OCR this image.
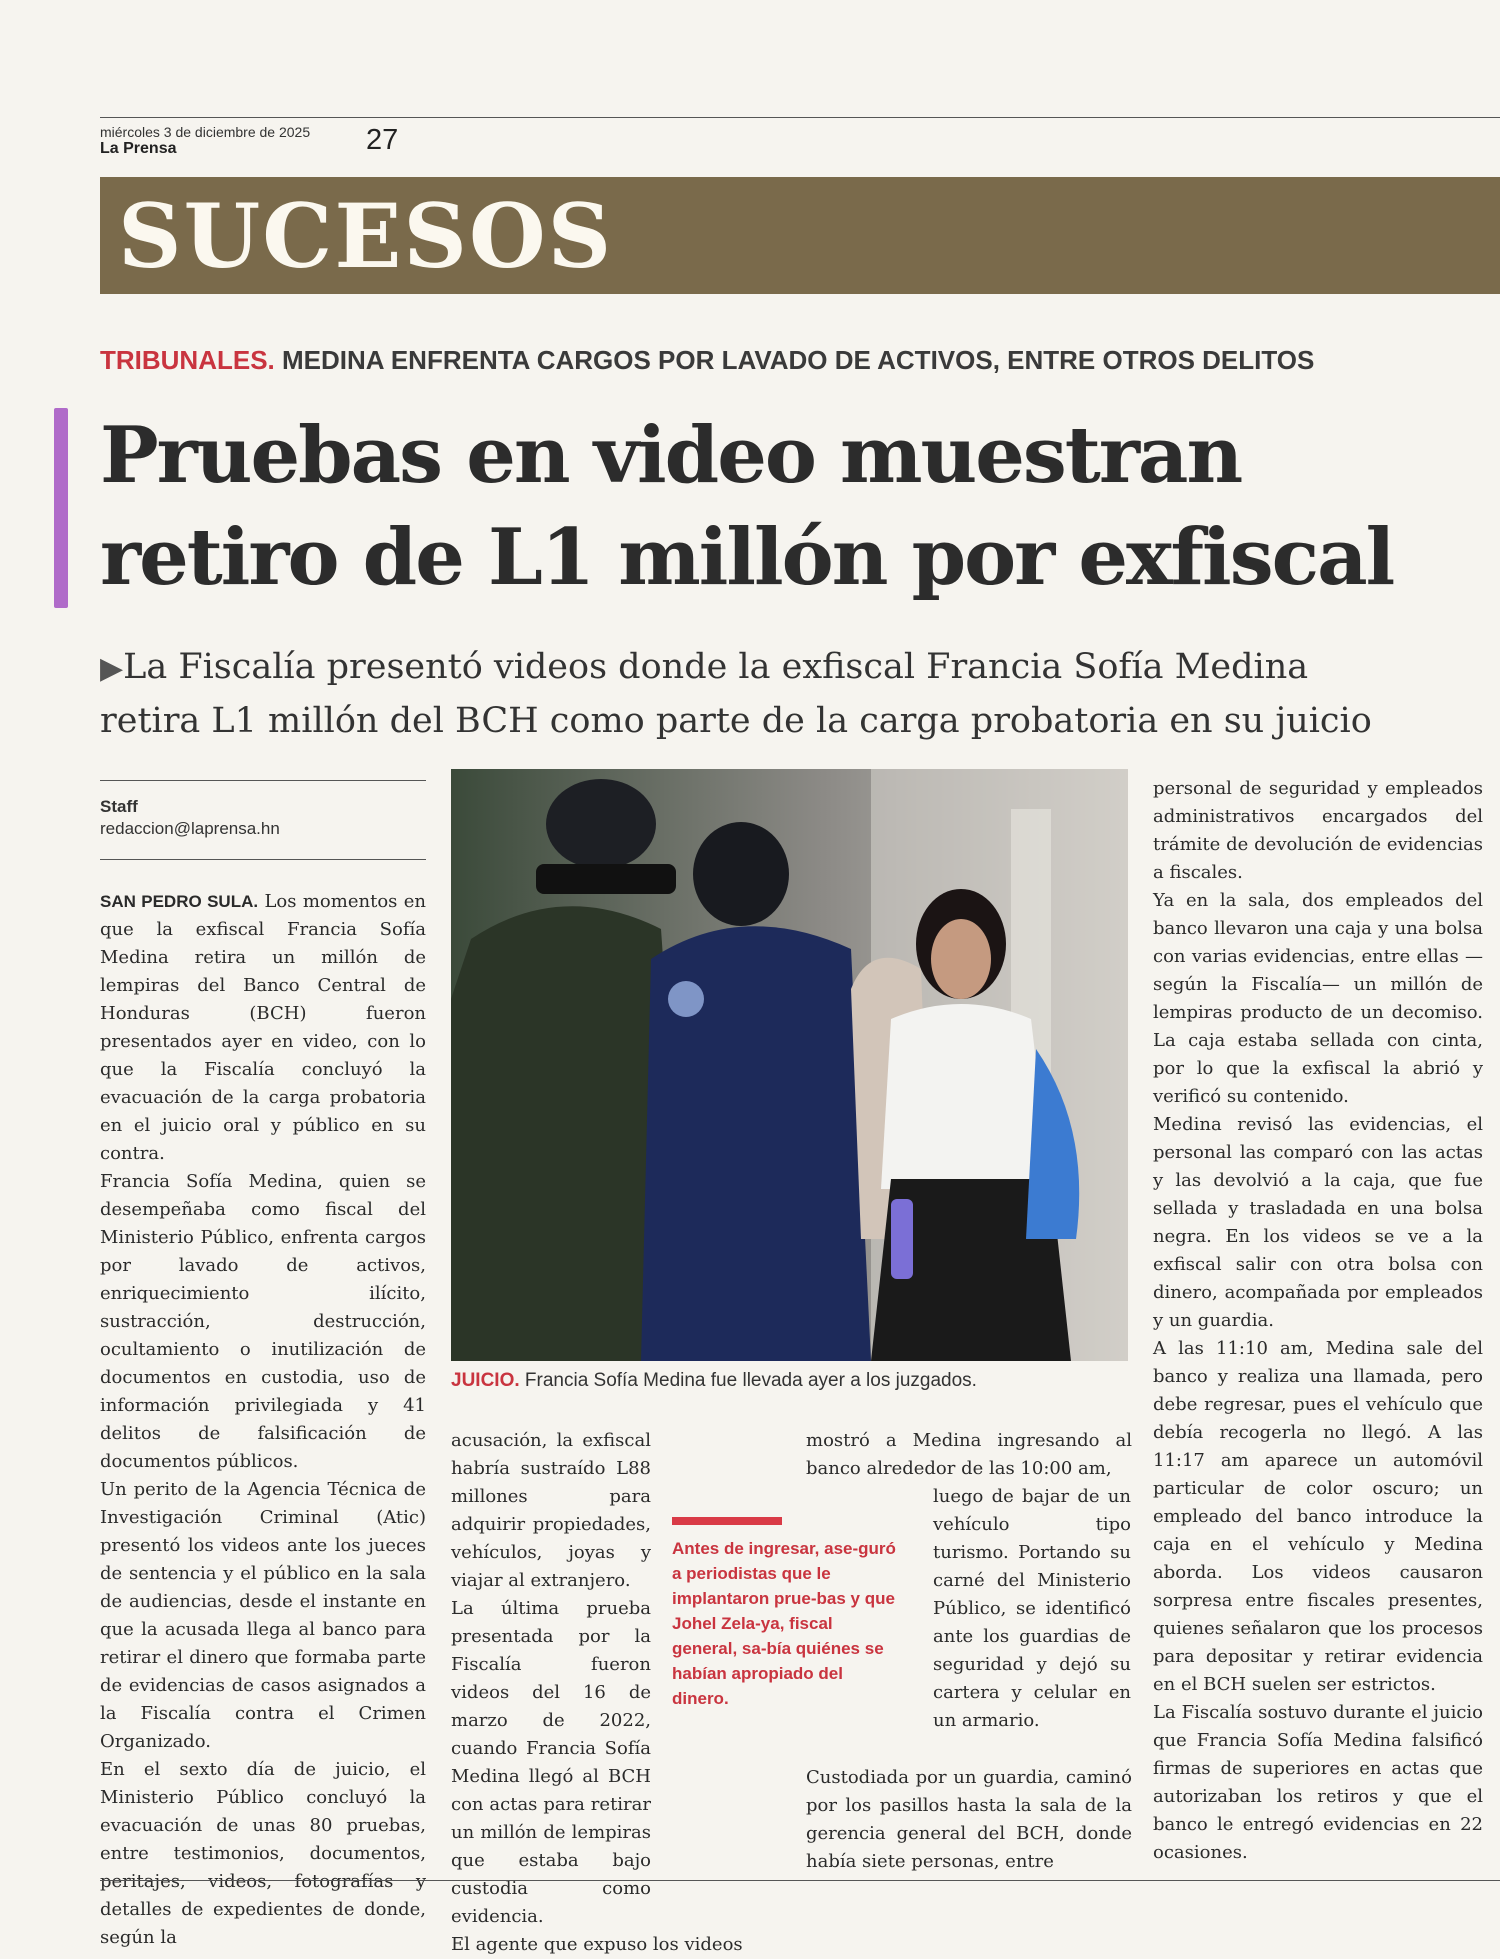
miércoles 3 de diciembre de 2025
La Prensa	27
SUCESOS
TRIBUNALES. MEDINA ENFRENTA CARGOS POR LAVADO DE ACTIVOS, ENTRE OTROS DELITOS
Pruebas en video muestran
retiro de L1 millón por exfiscal
▶La Fiscalía presentó videos donde la exfiscal Francia Sofía Medina
retira L1 millón del BCH como parte de la carga probatoria en su juicio
Staff
redaccion@laprensa.hn

SAN PEDRO SULA. Los momentos en que la exfiscal Francia Sofía Medina retira un millón de lempiras del Banco Central de Honduras (BCH) fueron presentados ayer en video, con lo que la Fiscalía concluyó la evacuación de la carga probatoria en el juicio oral y público en su contra.

Francia Sofía Medina, quien se desempeñaba como fiscal del Ministerio Público, enfrenta cargos por lavado de activos, enriquecimiento ilícito, sustracción, destrucción, ocultamiento o inutilización de documentos en custodia, uso de información privilegiada y 41 delitos de falsificación de documentos públicos.

Un perito de la Agencia Técnica de Investigación Criminal (Atic) presentó los videos ante los jueces de sentencia y el público en la sala de audiencias, desde el instante en que la acusada llega al banco para retirar el dinero que formaba parte de evidencias de casos asignados a la Fiscalía contra el Crimen Organizado.

En el sexto día de juicio, el Ministerio Público concluyó la evacuación de unas 80 pruebas, entre testimonios, documentos, peritajes, videos, fotografías y detalles de expedientes de donde, según la

JUICIO. Francia Sofía Medina fue llevada ayer a los juzgados.

acusación, la exfiscal habría sustraído L88 millones para adquirir propiedades, vehículos, joyas y viajar al extranjero.

La última prueba presentada por la Fiscalía fueron videos del 16 de marzo de 2022, cuando Francia Sofía Medina llegó al BCH con actas para retirar un millón de lempiras que estaba bajo custodia como evidencia.

El agente que expuso los videos

Antes de ingresar, ase-guró a periodistas que le implantaron prue-bas y que Johel Zela-ya, fiscal general, sa-bía quiénes se habían apropiado del dinero.
mostró a Medina ingresando al banco alrededor de las 10:00 am,
luego de bajar de un vehículo tipo turismo. Portando su carné del Ministerio Público, se identificó ante los guardias de seguridad y dejó su cartera y celular en un armario.
Custodiada por un guardia, caminó por los pasillos hasta la sala de la gerencia general del BCH, donde había siete personas, entre

personal de seguridad y empleados administrativos encargados del trámite de devolución de evidencias a fiscales.

Ya en la sala, dos empleados del banco llevaron una caja y una bolsa con varias evidencias, entre ellas —según la Fiscalía— un millón de lempiras producto de un decomiso. La caja estaba sellada con cinta, por lo que la exfiscal la abrió y verificó su contenido.

Medina revisó las evidencias, el personal las comparó con las actas y las devolvió a la caja, que fue sellada y trasladada en una bolsa negra. En los videos se ve a la exfiscal salir con otra bolsa con dinero, acompañada por empleados y un guardia.

A las 11:10 am, Medina sale del banco y realiza una llamada, pero debe regresar, pues el vehículo que debía recogerla no llegó. A las 11:17 am aparece un automóvil particular de color oscuro; un empleado del banco introduce la caja en el vehículo y Medina aborda. Los videos causaron sorpresa entre fiscales presentes, quienes señalaron que los procesos para depositar y retirar evidencia en el BCH suelen ser estrictos.

La Fiscalía sostuvo durante el juicio que Francia Sofía Medina falsificó firmas de superiores en actas que autorizaban los retiros y que el banco le entregó evidencias en 22 ocasiones.
